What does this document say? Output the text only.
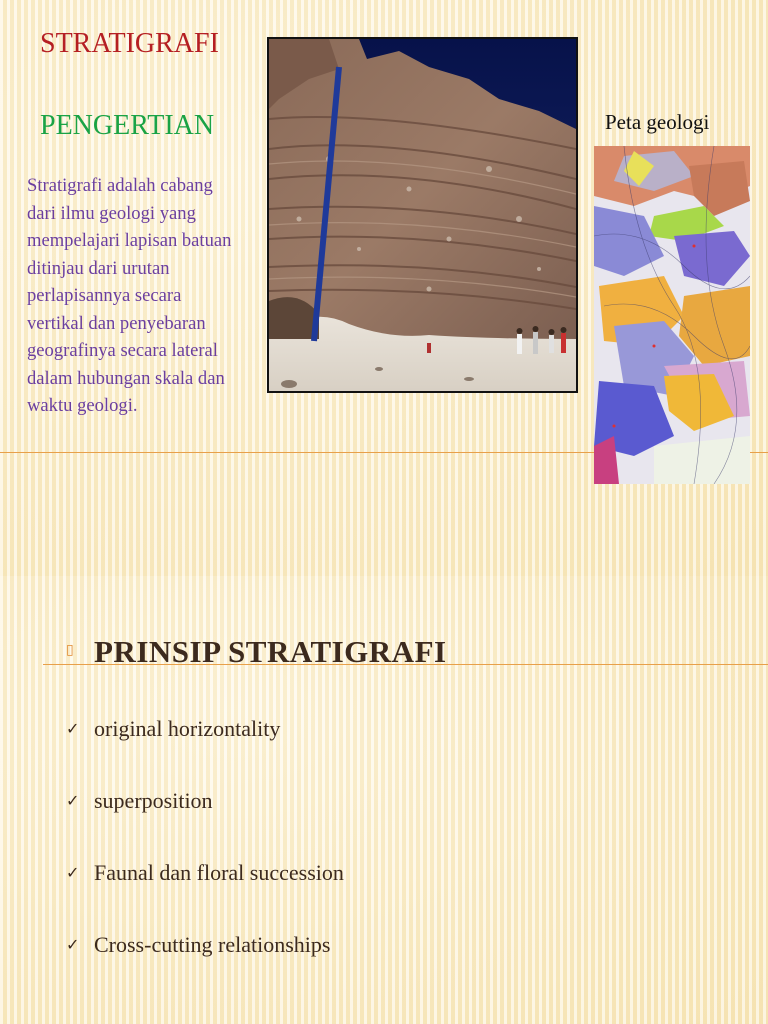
STRATIGRAFI
PENGERTIAN
Stratigrafi adalah cabang dari ilmu geologi yang mempelajari lapisan batuan ditinjau dari urutan perlapisannya secara vertikal dan penyebaran geografinya secara lateral dalam hubungan skala dan waktu geologi.
Peta geologi
▯ PRINSIP STRATIGRAFI
✓ original horizontality
✓ superposition
✓ Faunal dan floral succession
✓ Cross-cutting relationships
